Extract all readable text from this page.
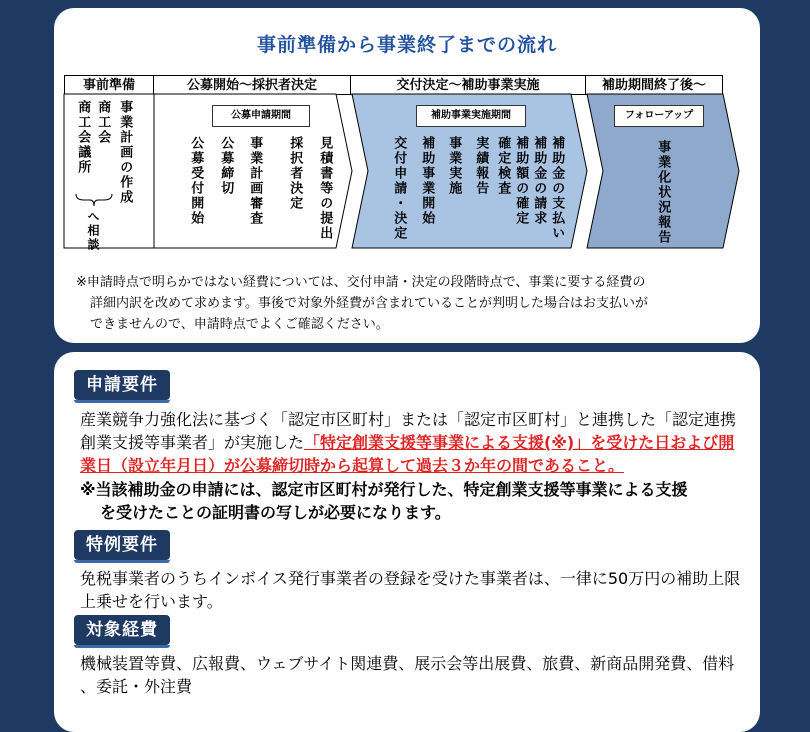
事前準備から事業終了までの流れ
事前準備	公募開始～採択者決定	交付決定～補助事業実施	補助期間終了後～
事業計画の作成
商工会
商工会議所
へ相談
公募申請期間
見積書等の提出
採択者決定
事業計画審査
公募締切
公募受付開始
補助事業実施期間
補助金の支払い
補助金の請求
補助額の確定
確定検査
実績報告
事業実施
補助事業開始
交付申請・決定
フォローアップ
事業化状況報告
※申請時点で明らかではない経費については、交付申請・決定の段階時点で、事業に要する経費の
詳細内訳を改めて求めます。事後で対象外経費が含まれていることが判明した場合はお支払いが
できませんので、申請時点でよくご確認ください。
申請要件
産業競争力強化法に基づく「認定市区町村」または「認定市区町村」と連携した「認定連携創業支援等事業者」が実施した「特定創業支援等事業による支援(※)」を受けた日および開業日（設立年月日）が公募締切時から起算して過去３か年の間であること。
※当該補助金の申請には、認定市区町村が発行した、特定創業支援等事業による支援
を受けたことの証明書の写しが必要になります。
特例要件
免税事業者のうちインボイス発行事業者の登録を受けた事業者は、一律に50万円の補助上限上乗せを行います。
対象経費
機械装置等費、広報費、ウェブサイト関連費、展示会等出展費、旅費、新商品開発費、借料 、委託・外注費
